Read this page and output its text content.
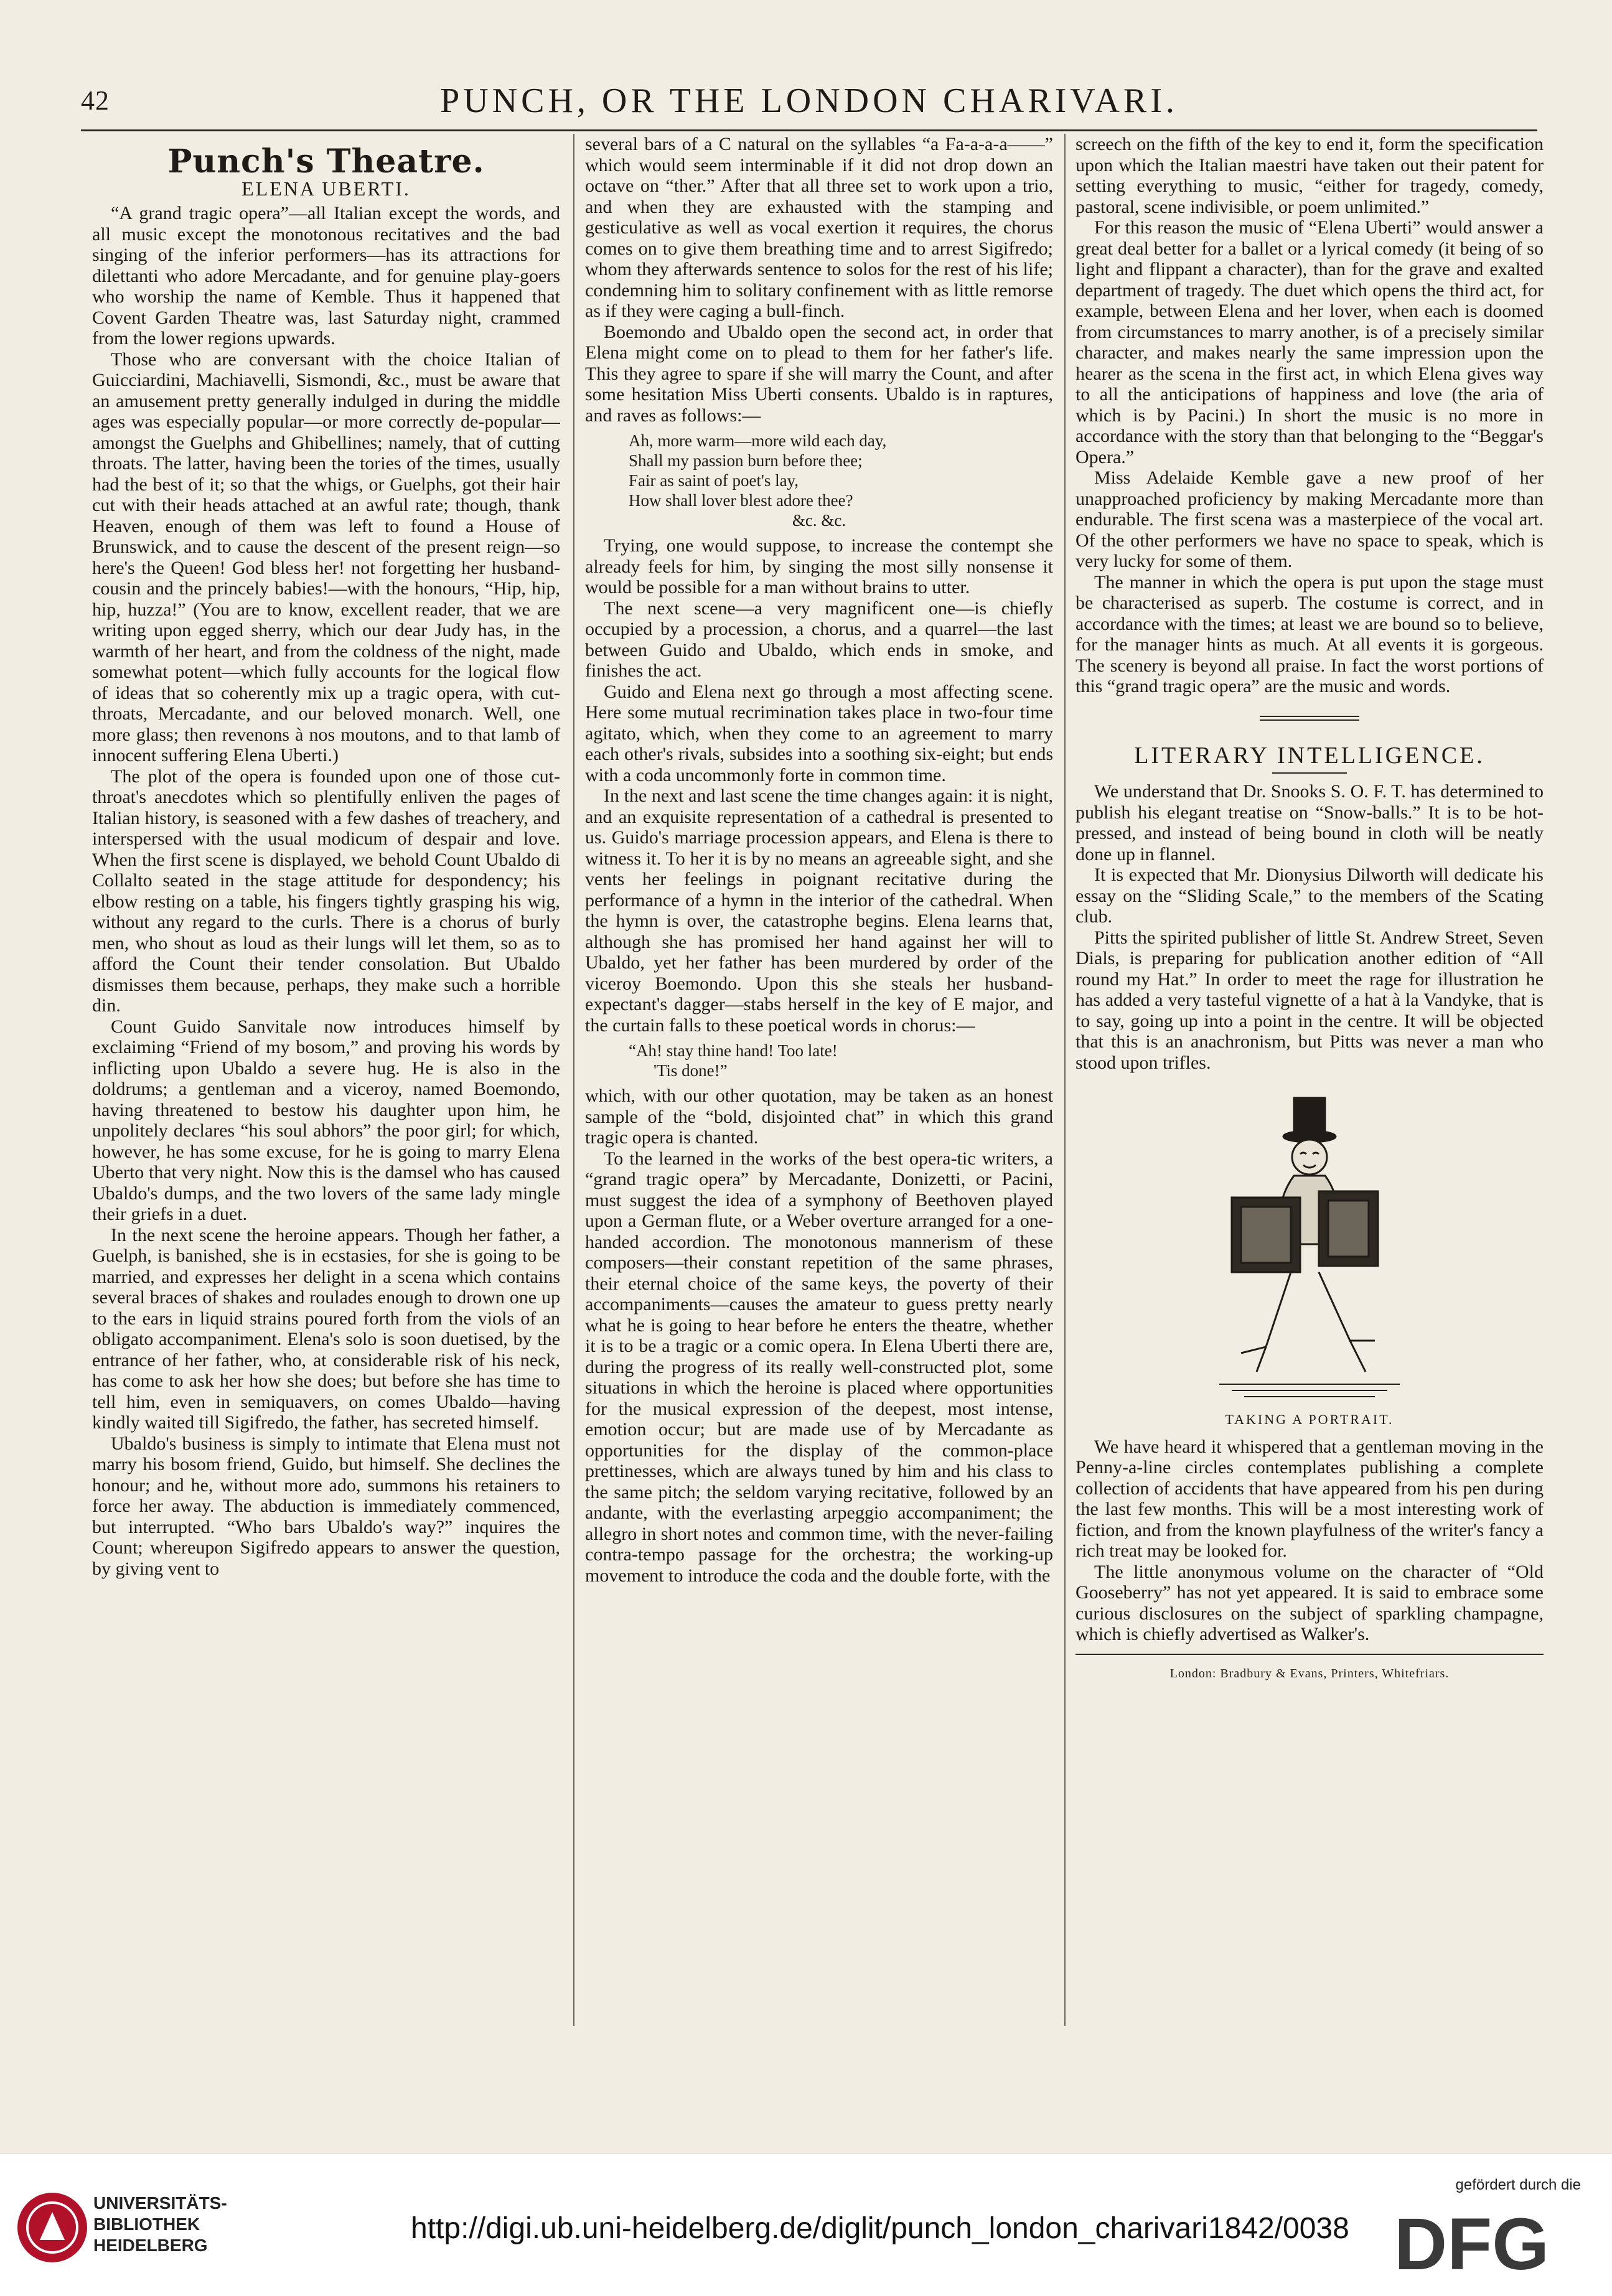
42	PUNCH, OR THE LONDON CHARIVARI.
Punch's Theatre.
ELENA UBERTI.

“A grand tragic opera”—all Italian except the words, and all music except the monotonous recitatives and the bad singing of the inferior performers—has its attractions for dilettanti who adore Mercadante, and for genuine play-goers who worship the name of Kemble. Thus it happened that Covent Garden Theatre was, last Saturday night, crammed from the lower regions upwards.

Those who are conversant with the choice Italian of Guicciardini, Machiavelli, Sismondi, &c., must be aware that an amusement pretty generally indulged in during the middle ages was especially popular—or more correctly de-popular—amongst the Guelphs and Ghibellines; namely, that of cutting throats. The latter, having been the tories of the times, usually had the best of it; so that the whigs, or Guelphs, got their hair cut with their heads attached at an awful rate; though, thank Heaven, enough of them was left to found a House of Brunswick, and to cause the descent of the present reign—so here's the Queen! God bless her! not forgetting her husband-cousin and the princely babies!—with the honours, “Hip, hip, hip, huzza!” (You are to know, excellent reader, that we are writing upon egged sherry, which our dear Judy has, in the warmth of her heart, and from the coldness of the night, made somewhat potent—which fully accounts for the logical flow of ideas that so coherently mix up a tragic opera, with cut-throats, Mercadante, and our beloved monarch. Well, one more glass; then revenons à nos moutons, and to that lamb of innocent suffering Elena Uberti.)

The plot of the opera is founded upon one of those cut-throat's anecdotes which so plentifully enliven the pages of Italian history, is seasoned with a few dashes of treachery, and interspersed with the usual modicum of despair and love. When the first scene is displayed, we behold Count Ubaldo di Collalto seated in the stage attitude for despondency; his elbow resting on a table, his fingers tightly grasping his wig, without any regard to the curls. There is a chorus of burly men, who shout as loud as their lungs will let them, so as to afford the Count their tender consolation. But Ubaldo dismisses them because, perhaps, they make such a horrible din.

Count Guido Sanvitale now introduces himself by exclaiming “Friend of my bosom,” and proving his words by inflicting upon Ubaldo a severe hug. He is also in the doldrums; a gentleman and a viceroy, named Boemondo, having threatened to bestow his daughter upon him, he unpolitely declares “his soul abhors” the poor girl; for which, however, he has some excuse, for he is going to marry Elena Uberto that very night. Now this is the damsel who has caused Ubaldo's dumps, and the two lovers of the same lady mingle their griefs in a duet.

In the next scene the heroine appears. Though her father, a Guelph, is banished, she is in ecstasies, for she is going to be married, and expresses her delight in a scena which contains several braces of shakes and roulades enough to drown one up to the ears in liquid strains poured forth from the viols of an obligato accompaniment. Elena's solo is soon duetised, by the entrance of her father, who, at considerable risk of his neck, has come to ask her how she does; but before she has time to tell him, even in semiquavers, on comes Ubaldo—having kindly waited till Sigifredo, the father, has secreted himself.

Ubaldo's business is simply to intimate that Elena must not marry his bosom friend, Guido, but himself. She declines the honour; and he, without more ado, summons his retainers to force her away. The abduction is immediately commenced, but interrupted. “Who bars Ubaldo's way?” inquires the Count; whereupon Sigifredo appears to answer the question, by giving vent to

several bars of a C natural on the syllables “a Fa-a-a-a——” which would seem interminable if it did not drop down an octave on “ther.” After that all three set to work upon a trio, and when they are exhausted with the stamping and gesticulative as well as vocal exertion it requires, the chorus comes on to give them breathing time and to arrest Sigifredo; whom they afterwards sentence to solos for the rest of his life; condemning him to solitary confinement with as little remorse as if they were caging a bull-finch.

Boemondo and Ubaldo open the second act, in order that Elena might come on to plead to them for her father's life. This they agree to spare if she will marry the Count, and after some hesitation Miss Uberti consents. Ubaldo is in raptures, and raves as follows:—

Ah, more warm—more wild each day,
Shall my passion burn before thee;
Fair as saint of poet's lay,
How shall lover blest adore thee?
&c. &c.

Trying, one would suppose, to increase the contempt she already feels for him, by singing the most silly nonsense it would be possible for a man without brains to utter.

The next scene—a very magnificent one—is chiefly occupied by a procession, a chorus, and a quarrel—the last between Guido and Ubaldo, which ends in smoke, and finishes the act.

Guido and Elena next go through a most affecting scene. Here some mutual recrimination takes place in two-four time agitato, which, when they come to an agreement to marry each other's rivals, subsides into a soothing six-eight; but ends with a coda uncommonly forte in common time.

In the next and last scene the time changes again: it is night, and an exquisite representation of a cathedral is presented to us. Guido's marriage procession appears, and Elena is there to witness it. To her it is by no means an agreeable sight, and she vents her feelings in poignant recitative during the performance of a hymn in the interior of the cathedral. When the hymn is over, the catastrophe begins. Elena learns that, although she has promised her hand against her will to Ubaldo, yet her father has been murdered by order of the viceroy Boemondo. Upon this she steals her husband-expectant's dagger—stabs herself in the key of E major, and the curtain falls to these poetical words in chorus:—

“Ah! stay thine hand! Too late!
'Tis done!”

which, with our other quotation, may be taken as an honest sample of the “bold, disjointed chat” in which this grand tragic opera is chanted.

To the learned in the works of the best opera-tic writers, a “grand tragic opera” by Mercadante, Donizetti, or Pacini, must suggest the idea of a symphony of Beethoven played upon a German flute, or a Weber overture arranged for a one-handed accordion. The monotonous mannerism of these composers—their constant repetition of the same phrases, their eternal choice of the same keys, the poverty of their accompaniments—causes the amateur to guess pretty nearly what he is going to hear before he enters the theatre, whether it is to be a tragic or a comic opera. In Elena Uberti there are, during the progress of its really well-constructed plot, some situations in which the heroine is placed where opportunities for the musical expression of the deepest, most intense, emotion occur; but are made use of by Mercadante as opportunities for the display of the common-place prettinesses, which are always tuned by him and his class to the same pitch; the seldom varying recitative, followed by an andante, with the everlasting arpeggio accompaniment; the allegro in short notes and common time, with the never-failing contra-tempo passage for the orchestra; the working-up movement to introduce the coda and the double forte, with the

screech on the fifth of the key to end it, form the specification upon which the Italian maestri have taken out their patent for setting everything to music, “either for tragedy, comedy, pastoral, scene indivisible, or poem unlimited.”

For this reason the music of “Elena Uberti” would answer a great deal better for a ballet or a lyrical comedy (it being of so light and flippant a character), than for the grave and exalted department of tragedy. The duet which opens the third act, for example, between Elena and her lover, when each is doomed from circumstances to marry another, is of a precisely similar character, and makes nearly the same impression upon the hearer as the scena in the first act, in which Elena gives way to all the anticipations of happiness and love (the aria of which is by Pacini.) In short the music is no more in accordance with the story than that belonging to the “Beggar's Opera.”

Miss Adelaide Kemble gave a new proof of her unapproached proficiency by making Mercadante more than endurable. The first scena was a masterpiece of the vocal art. Of the other performers we have no space to speak, which is very lucky for some of them.

The manner in which the opera is put upon the stage must be characterised as superb. The costume is correct, and in accordance with the times; at least we are bound so to believe, for the manager hints as much. At all events it is gorgeous. The scenery is beyond all praise. In fact the worst portions of this “grand tragic opera” are the music and words.

LITERARY INTELLIGENCE.

We understand that Dr. Snooks S. O. F. T. has determined to publish his elegant treatise on “Snow-balls.” It is to be hot-pressed, and instead of being bound in cloth will be neatly done up in flannel.

It is expected that Mr. Dionysius Dilworth will dedicate his essay on the “Sliding Scale,” to the members of the Scating club.

Pitts the spirited publisher of little St. Andrew Street, Seven Dials, is preparing for publication another edition of “All round my Hat.” In order to meet the rage for illustration he has added a very tasteful vignette of a hat à la Vandyke, that is to say, going up into a point in the centre. It will be objected that this is an anachronism, but Pitts was never a man who stood upon trifles.

TAKING A PORTRAIT.

We have heard it whispered that a gentleman moving in the Penny-a-line circles contemplates publishing a complete collection of accidents that have appeared from his pen during the last few months. This will be a most interesting work of fiction, and from the known playfulness of the writer's fancy a rich treat may be looked for.

The little anonymous volume on the character of “Old Gooseberry” has not yet appeared. It is said to embrace some curious disclosures on the subject of sparkling champagne, which is chiefly advertised as Walker's.

London: Bradbury & Evans, Printers, Whitefriars.
UNIVERSITÄTS-
BIBLIOTHEK
HEIDELBERG
http://digi.ub.uni-heidelberg.de/diglit/punch_london_charivari1842/0038
gefördert durch die
DFG
